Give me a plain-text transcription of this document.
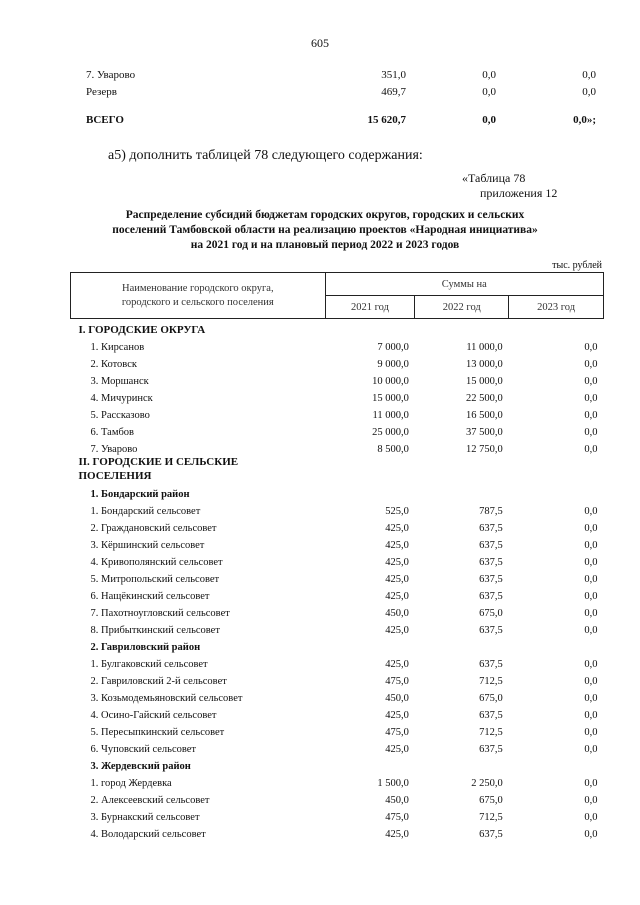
605
7. Уварово	351,0	0,0	0,0
Резерв	469,7	0,0	0,0
ВСЕГО	15 620,7	0,0	0,0»;
а5) дополнить таблицей 78 следующего содержания:
«Таблица 78
приложения 12
Распределение субсидий бюджетам городских округов, городских и сельских
поселений Тамбовской области на реализацию проектов «Народная инициатива»
на 2021 год и на плановый период 2022 и 2023 годов
тыс. рублей
Наименование городского округа,
городского и сельского поселения	Суммы на		
	2021 год	2022 год	2023 год
I. ГОРОДСКИЕ ОКРУГА			
1. Кирсанов	7 000,0	11 000,0	0,0
2. Котовск	9 000,0	13 000,0	0,0
3. Моршанск	10 000,0	15 000,0	0,0
4. Мичуринск	15 000,0	22 500,0	0,0
5. Рассказово	11 000,0	16 500,0	0,0
6. Тамбов	25 000,0	37 500,0	0,0
7. Уварово	8 500,0	12 750,0	0,0

II. ГОРОДСКИЕ И СЕЛЬСКИЕ
ПОСЕЛЕНИЯ			

1. Бондарский район			
1. Бондарский сельсовет	525,0	787,5	0,0
2. Граждановский сельсовет	425,0	637,5	0,0
3. Кёршинский сельсовет	425,0	637,5	0,0
4. Кривополянский сельсовет	425,0	637,5	0,0
5. Митропольский сельсовет	425,0	637,5	0,0
6. Нащёкинский сельсовет	425,0	637,5	0,0
7. Пахотноугловский сельсовет	450,0	675,0	0,0
8. Прибыткинский сельсовет	425,0	637,5	0,0
2. Гавриловский район			
1. Булгаковский сельсовет	425,0	637,5	0,0
2. Гавриловский 2-й сельсовет	475,0	712,5	0,0
3. Козьмодемьяновский сельсовет	450,0	675,0	0,0
4. Осино-Гайский сельсовет	425,0	637,5	0,0
5. Пересыпкинский сельсовет	475,0	712,5	0,0
6. Чуповский сельсовет	425,0	637,5	0,0
3. Жердевский район			
1. город Жердевка	1 500,0	2 250,0	0,0
2. Алексеевский сельсовет	450,0	675,0	0,0
3. Бурнакский сельсовет	475,0	712,5	0,0
4. Володарский сельсовет	425,0	637,5	0,0
